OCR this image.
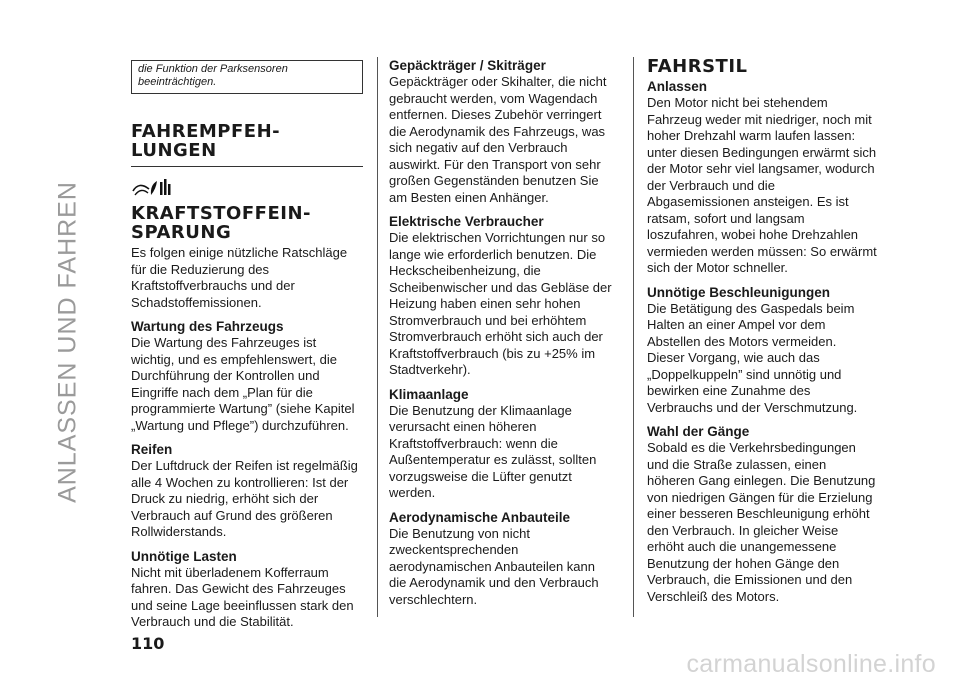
ANLASSEN UND FAHREN
die Funktion der Parksensoren beeinträchtigen.
FAHREMPFEH-LUNGEN
KRAFTSTOFFEIN-SPARUNG

Es folgen einige nützliche Ratschläge für die Reduzierung des Kraftstoffverbrauchs und der Schadstoffemissionen.

Wartung des Fahrzeugs

Die Wartung des Fahrzeuges ist wichtig, und es empfehlenswert, die Durchführung der Kontrollen und Eingriffe nach dem „Plan für die programmierte Wartung” (siehe Kapitel „Wartung und Pflege”) durchzuführen.

Reifen

Der Luftdruck der Reifen ist regelmäßig alle 4 Wochen zu kontrollieren: Ist der Druck zu niedrig, erhöht sich der Verbrauch auf Grund des größeren Rollwiderstands.

Unnötige Lasten

Nicht mit überladenem Kofferraum fahren. Das Gewicht des Fahrzeuges und seine Lage beeinflussen stark den Verbrauch und die Stabilität.

Gepäckträger / Skiträger

Gepäckträger oder Skihalter, die nicht gebraucht werden, vom Wagendach entfernen. Dieses Zubehör verringert die Aerodynamik des Fahrzeugs, was sich negativ auf den Verbrauch auswirkt. Für den Transport von sehr großen Gegenständen benutzen Sie am Besten einen Anhänger.

Elektrische Verbraucher

Die elektrischen Vorrichtungen nur so lange wie erforderlich benutzen. Die Heckscheibenheizung, die Scheibenwischer und das Gebläse der Heizung haben einen sehr hohen Stromverbrauch und bei erhöhtem Stromverbrauch erhöht sich auch der Kraftstoffverbrauch (bis zu +25% im Stadtverkehr).

Klimaanlage

Die Benutzung der Klimaanlage verursacht einen höheren Kraftstoffverbrauch: wenn die Außentemperatur es zulässt, sollten vorzugsweise die Lüfter genutzt werden.

Aerodynamische Anbauteile

Die Benutzung von nicht zweckentsprechenden aerodynamischen Anbauteilen kann die Aerodynamik und den Verbrauch verschlechtern.

FAHRSTIL
Anlassen

Den Motor nicht bei stehendem Fahrzeug weder mit niedriger, noch mit hoher Drehzahl warm laufen lassen: unter diesen Bedingungen erwärmt sich der Motor sehr viel langsamer, wodurch der Verbrauch und die Abgasemissionen ansteigen. Es ist ratsam, sofort und langsam loszufahren, wobei hohe Drehzahlen vermieden werden müssen: So erwärmt sich der Motor schneller.

Unnötige Beschleunigungen

Die Betätigung des Gaspedals beim Halten an einer Ampel vor dem Abstellen des Motors vermeiden. Dieser Vorgang, wie auch das „Doppelkuppeln” sind unnötig und bewirken eine Zunahme des Verbrauchs und der Verschmutzung.

Wahl der Gänge

Sobald es die Verkehrsbedingungen und die Straße zulassen, einen höheren Gang einlegen. Die Benutzung von niedrigen Gängen für die Erzielung einer besseren Beschleunigung erhöht den Verbrauch. In gleicher Weise erhöht auch die unangemessene Benutzung der hohen Gänge den Verbrauch, die Emissionen und den Verschleiß des Motors.

110
carmanualsonline.info
